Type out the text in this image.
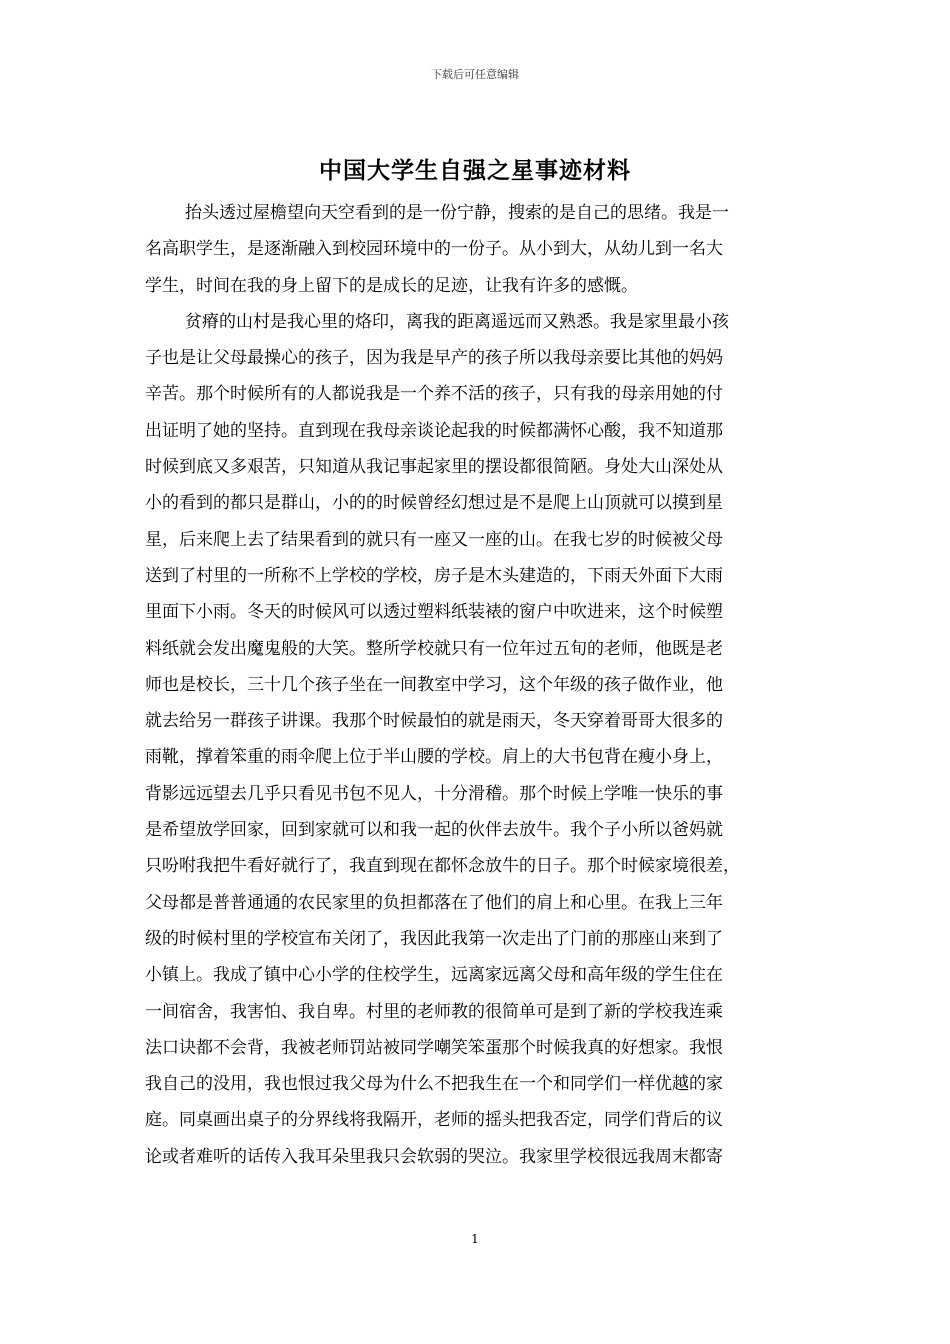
下载后可任意编辑
中国大学生自强之星事迹材料
抬头透过屋檐望向天空看到的是一份宁静，搜索的是自己的思绪。我是一
名高职学生，是逐渐融入到校园环境中的一份子。从小到大，从幼儿到一名大
学生，时间在我的身上留下的是成长的足迹，让我有许多的感慨。
贫瘠的山村是我心里的烙印，离我的距离遥远而又熟悉。我是家里最小孩
子也是让父母最操心的孩子，因为我是早产的孩子所以我母亲要比其他的妈妈
辛苦。那个时候所有的人都说我是一个养不活的孩子，只有我的母亲用她的付
出证明了她的坚持。直到现在我母亲谈论起我的时候都满怀心酸，我不知道那
时候到底又多艰苦，只知道从我记事起家里的摆设都很简陋。身处大山深处从
小的看到的都只是群山，小的的时候曾经幻想过是不是爬上山顶就可以摸到星
星，后来爬上去了结果看到的就只有一座又一座的山。在我七岁的时候被父母
送到了村里的一所称不上学校的学校，房子是木头建造的，下雨天外面下大雨
里面下小雨。冬天的时候风可以透过塑料纸装裱的窗户中吹进来，这个时候塑
料纸就会发出魔鬼般的大笑。整所学校就只有一位年过五旬的老师，他既是老
师也是校长，三十几个孩子坐在一间教室中学习，这个年级的孩子做作业，他
就去给另一群孩子讲课。我那个时候最怕的就是雨天，冬天穿着哥哥大很多的
雨靴，撑着笨重的雨伞爬上位于半山腰的学校。肩上的大书包背在瘦小身上，
背影远远望去几乎只看见书包不见人，十分滑稽。那个时候上学唯一快乐的事
是希望放学回家，回到家就可以和我一起的伙伴去放牛。我个子小所以爸妈就
只吩咐我把牛看好就行了，我直到现在都怀念放牛的日子。那个时候家境很差，
父母都是普普通通的农民家里的负担都落在了他们的肩上和心里。在我上三年
级的时候村里的学校宣布关闭了，我因此我第一次走出了门前的那座山来到了
小镇上。我成了镇中心小学的住校学生，远离家远离父母和高年级的学生住在
一间宿舍，我害怕、我自卑。村里的老师教的很简单可是到了新的学校我连乘
法口诀都不会背，我被老师罚站被同学嘲笑笨蛋那个时候我真的好想家。我恨
我自己的没用，我也恨过我父母为什么不把我生在一个和同学们一样优越的家
庭。同桌画出桌子的分界线将我隔开，老师的摇头把我否定，同学们背后的议
论或者难听的话传入我耳朵里我只会软弱的哭泣。我家里学校很远我周末都寄
1
